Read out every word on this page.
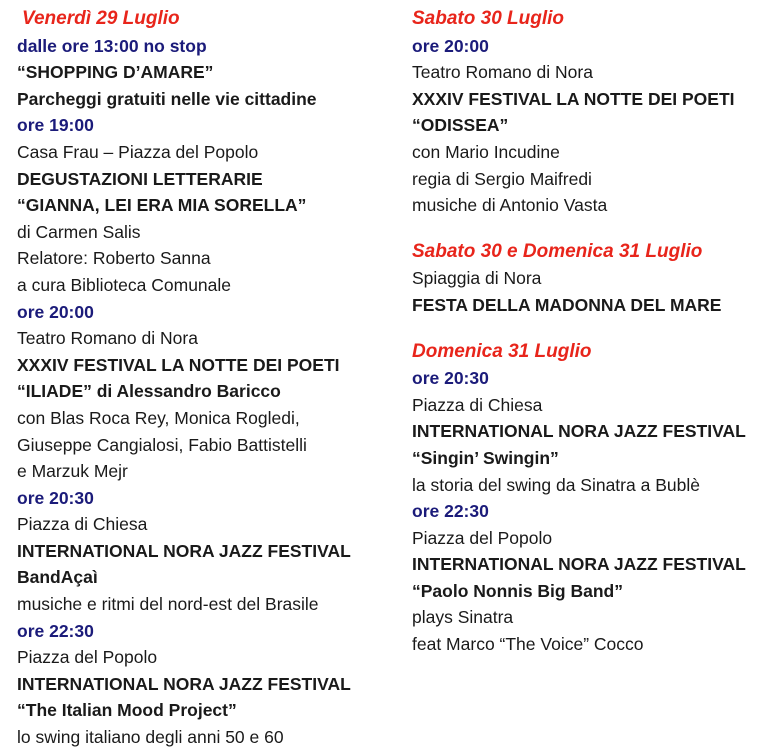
Venerdì 29 Luglio
dalle ore 13:00 no stop
“SHOPPING D’AMARE”
Parcheggi gratuiti nelle vie cittadine
ore 19:00
Casa Frau – Piazza del Popolo
DEGUSTAZIONI LETTERARIE
“GIANNA, LEI ERA MIA SORELLA”
di Carmen Salis
Relatore: Roberto Sanna
a cura Biblioteca Comunale
ore 20:00
Teatro Romano di Nora
XXXIV FESTIVAL LA NOTTE DEI POETI
“ILIADE” di Alessandro Baricco
con Blas Roca Rey, Monica Rogledi,
Giuseppe Cangialosi, Fabio Battistelli
e Marzuk Mejr
ore 20:30
Piazza di Chiesa
INTERNATIONAL NORA JAZZ FESTIVAL
BandAçaì
musiche e ritmi del nord-est del Brasile
ore 22:30
Piazza del Popolo
INTERNATIONAL NORA JAZZ FESTIVAL
“The Italian Mood Project”
lo swing italiano degli anni 50 e 60
Sabato 30 Luglio
ore 20:00
Teatro Romano di Nora
XXXIV FESTIVAL LA NOTTE DEI POETI
“ODISSEA”
con Mario Incudine
regia di Sergio Maifredi
musiche di Antonio Vasta
Sabato 30 e Domenica 31 Luglio
Spiaggia di Nora
FESTA DELLA MADONNA DEL MARE
Domenica 31 Luglio
ore 20:30
Piazza di Chiesa
INTERNATIONAL NORA JAZZ FESTIVAL
“Singin’ Swingin”
la storia del swing da Sinatra a Bublè
ore 22:30
Piazza del Popolo
INTERNATIONAL NORA JAZZ FESTIVAL
“Paolo Nonnis Big Band”
plays Sinatra
feat Marco “The Voice” Cocco
